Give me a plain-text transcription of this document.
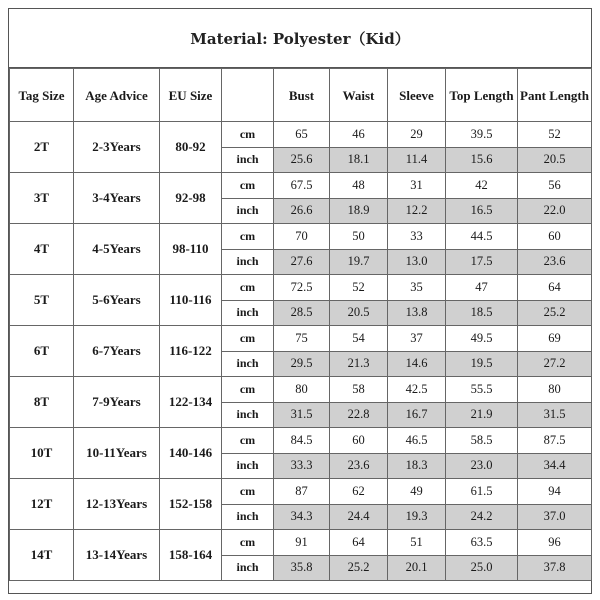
Material: Polyester（Kid）
Tag Size	Age Advice	EU Size		Bust	Waist	Sleeve	Top Length	Pant Length
2T	2-3Years	80-92	cm	65	46	29	39.5	52
			inch	25.6	18.1	11.4	15.6	20.5
3T	3-4Years	92-98	cm	67.5	48	31	42	56
			inch	26.6	18.9	12.2	16.5	22.0
4T	4-5Years	98-110	cm	70	50	33	44.5	60
			inch	27.6	19.7	13.0	17.5	23.6
5T	5-6Years	110-116	cm	72.5	52	35	47	64
			inch	28.5	20.5	13.8	18.5	25.2
6T	6-7Years	116-122	cm	75	54	37	49.5	69
			inch	29.5	21.3	14.6	19.5	27.2
8T	7-9Years	122-134	cm	80	58	42.5	55.5	80
			inch	31.5	22.8	16.7	21.9	31.5
10T	10-11Years	140-146	cm	84.5	60	46.5	58.5	87.5
			inch	33.3	23.6	18.3	23.0	34.4
12T	12-13Years	152-158	cm	87	62	49	61.5	94
			inch	34.3	24.4	19.3	24.2	37.0
14T	13-14Years	158-164	cm	91	64	51	63.5	96
			inch	35.8	25.2	20.1	25.0	37.8
